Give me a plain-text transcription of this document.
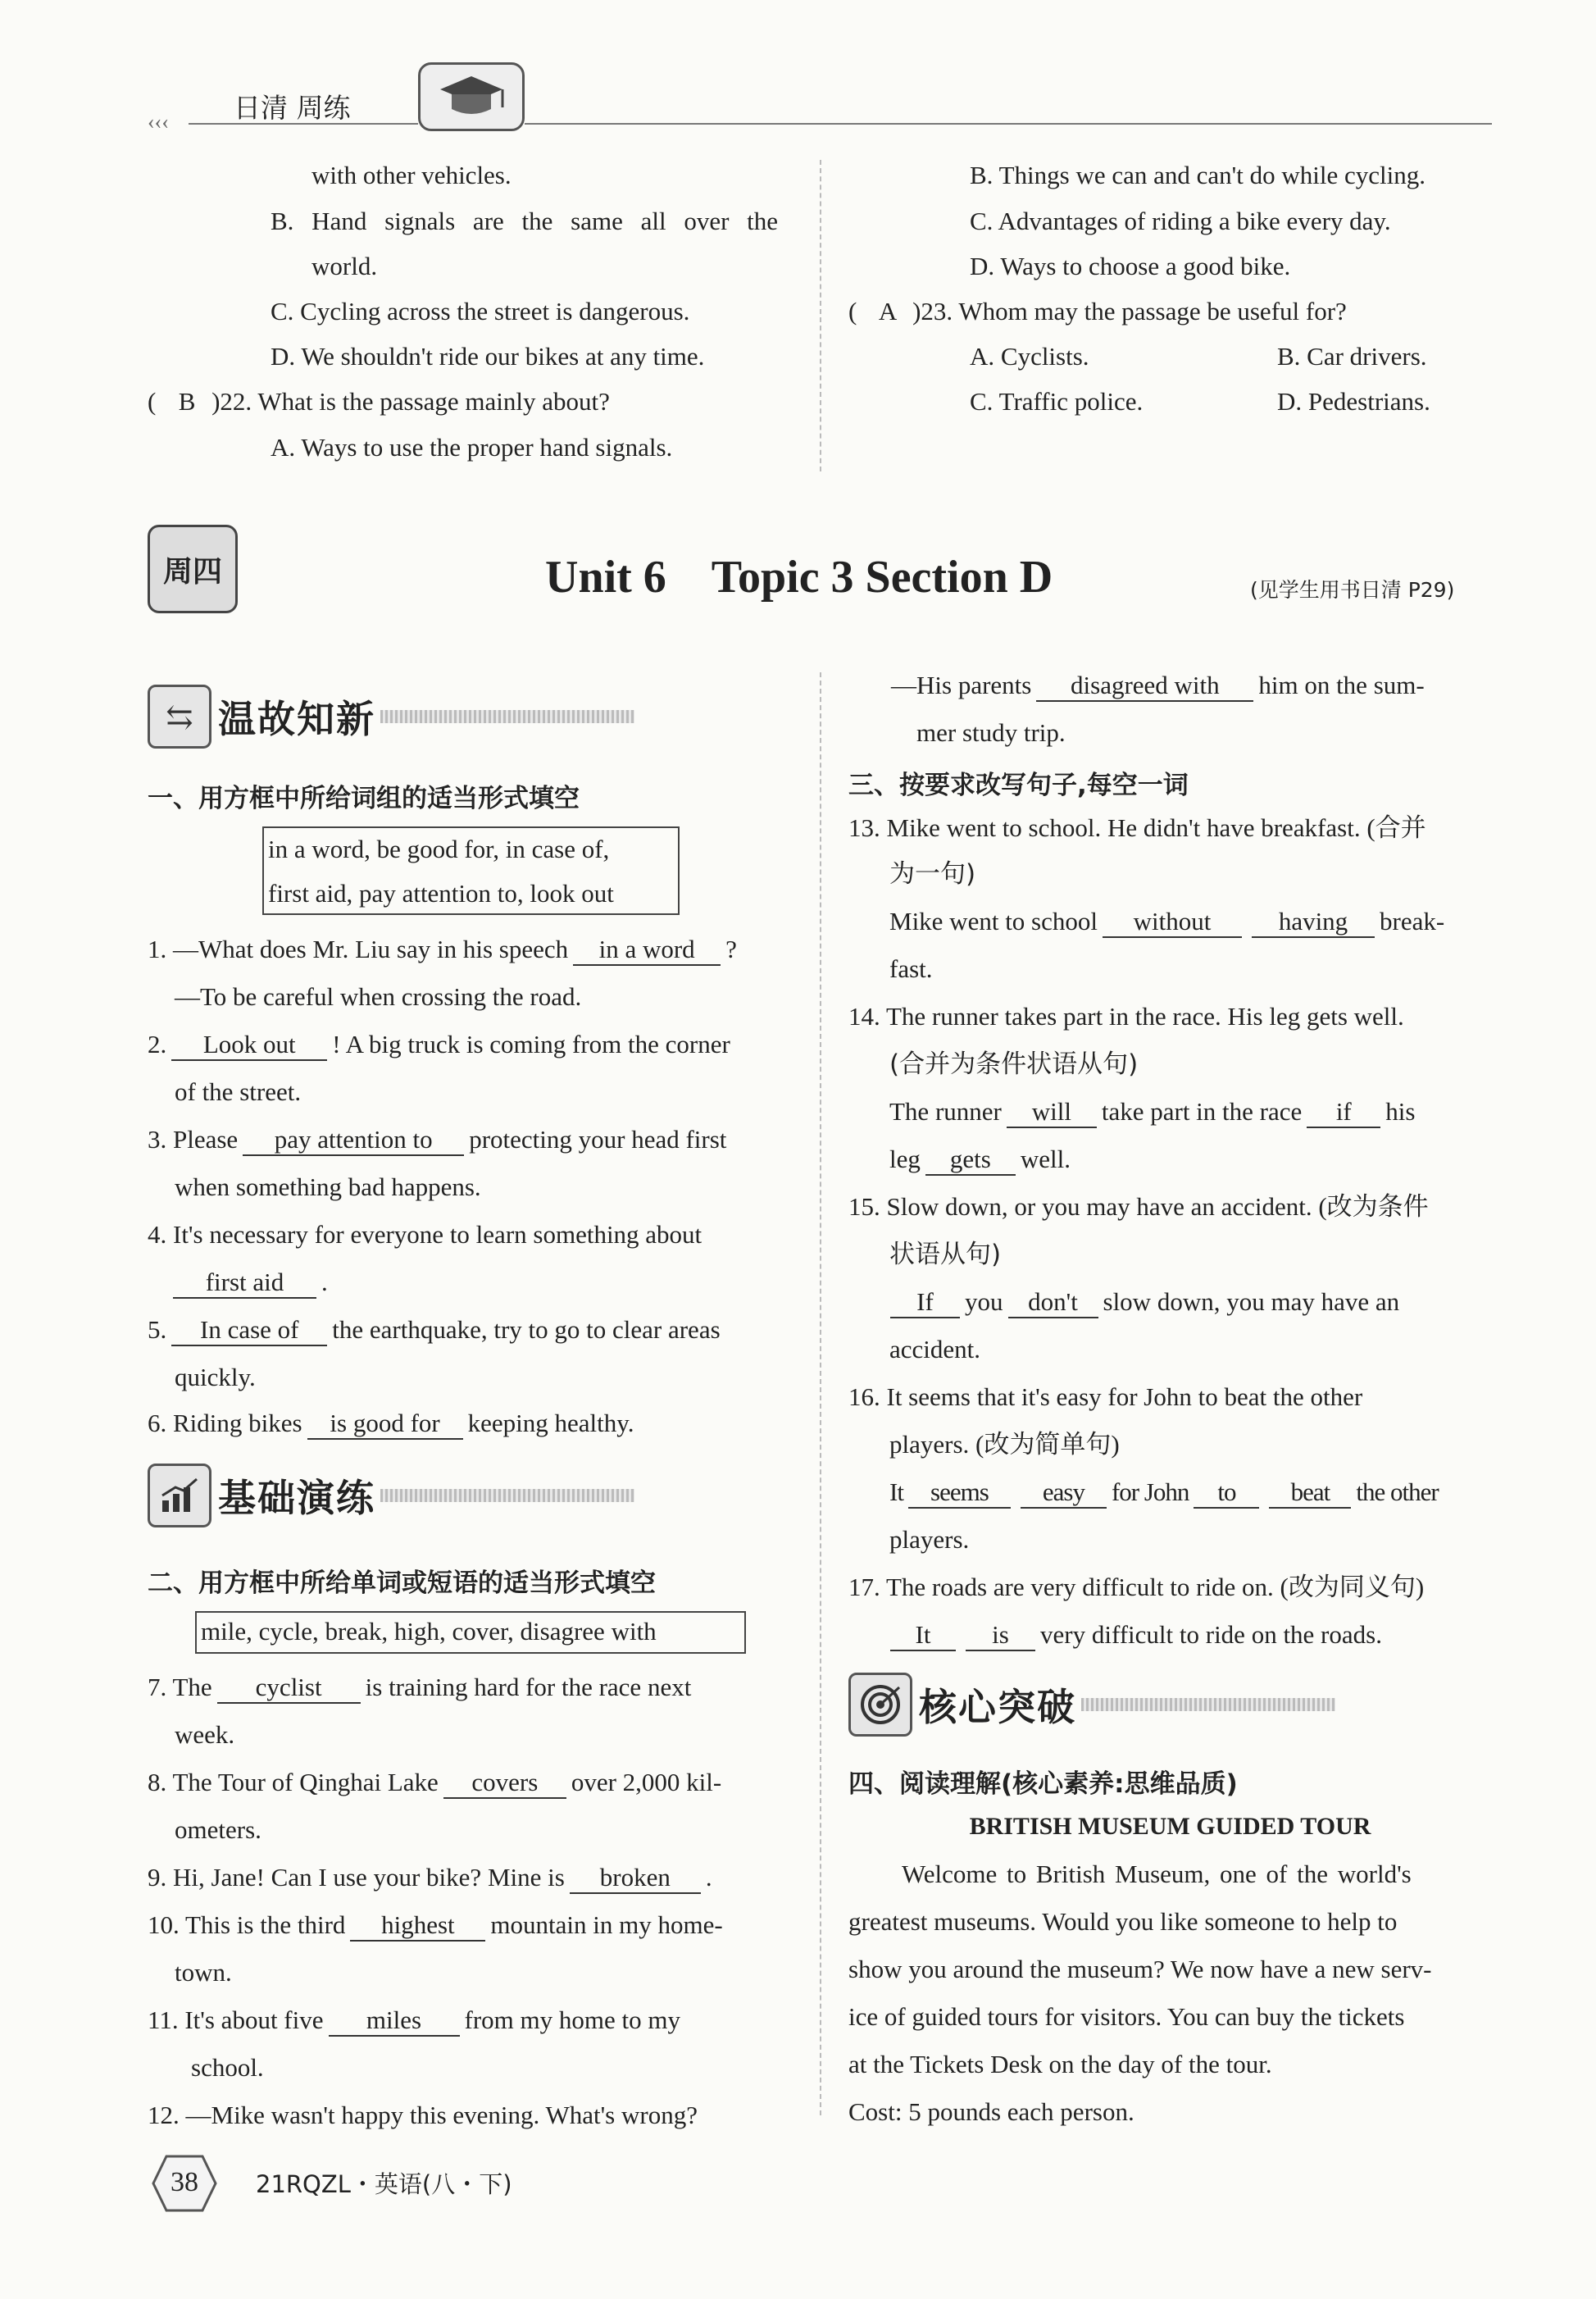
‹‹‹ 日清 周练
with other vehicles.
B. Hand signals are the same all over the
world.
C. Cycling across the street is dangerous.
D. We shouldn't ride our bikes at any time.
( B )22. What is the passage mainly about?
A. Ways to use the proper hand signals.
B. Things we can and can't do while cycling.
C. Advantages of riding a bike every day.
D. Ways to choose a good bike.
( A )23. Whom may the passage be useful for?
A. Cyclists.	B. Car drivers.
C. Traffic police.	D. Pedestrians.
周四	Unit 6    Topic 3 Section D	(见学生用书日清 P29)
⇆ 温故知新
一、用方框中所给词组的适当形式填空
in a word, be good for, in case of,
first aid, pay attention to, look out
1. —What does Mr. Liu say in his speech in a word ?
—To be careful when crossing the road.
2. Look out ! A big truck is coming from the corner
of the street.
3. Please pay attention to protecting your head first
when something bad happens.
4. It's necessary for everyone to learn something about
first aid .
5. In case of the earthquake, try to go to clear areas
quickly.
6. Riding bikes is good for keeping healthy.
基础演练
二、用方框中所给单词或短语的适当形式填空
mile, cycle, break, high, cover, disagree with
7. The cyclist is training hard for the race next
week.
8. The Tour of Qinghai Lake covers over 2,000 kil-
ometers.
9. Hi, Jane! Can I use your bike? Mine is broken .
10. This is the third highest mountain in my home-
town.
11. It's about five miles from my home to my
school.
12. —Mike wasn't happy this evening. What's wrong?
—His parents disagreed with him on the sum-
mer study trip.
三、按要求改写句子,每空一词
13. Mike went to school. He didn't have breakfast. (合并
为一句)
Mike went to school without	having break-
fast.
14. The runner takes part in the race. His leg gets well.
(合并为条件状语从句)
The runner will take part in the race if his
leg gets well.
15. Slow down, or you may have an accident. (改为条件
状语从句)
If you don't slow down, you may have an
accident.
16. It seems that it's easy for John to beat the other
players. (改为简单句)
It seems easy for John to beat the other
players.
17. The roads are very difficult to ride on. (改为同义句)
It is very difficult to ride on the roads.
核心突破
四、阅读理解(核心素养:思维品质)
BRITISH MUSEUM GUIDED TOUR
Welcome to British Museum, one of the world's
greatest museums. Would you like someone to help to
show you around the museum? We now have a new serv-
ice of guided tours for visitors. You can buy the tickets
at the Tickets Desk on the day of the tour.
Cost: 5 pounds each person.
38	21RQZL・英语(八・下)
